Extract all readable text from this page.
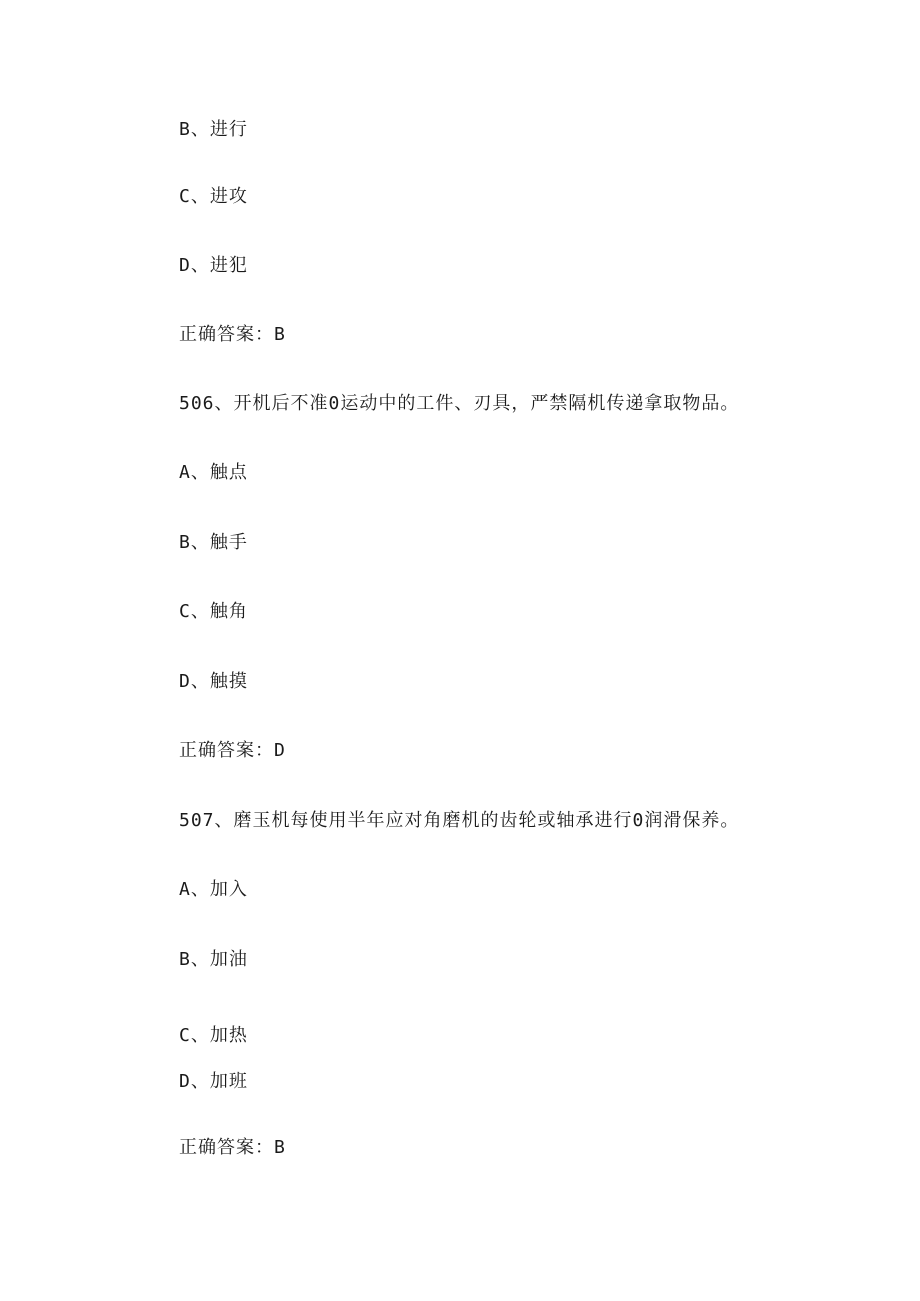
B、进行
C、进攻
D、进犯
正确答案：B
506、开机后不准0运动中的工件、刃具，严禁隔机传递拿取物品。
A、触点
B、触手
C、触角
D、触摸
正确答案：D
507、磨玉机每使用半年应对角磨机的齿轮或轴承进行0润滑保养。
A、加入
B、加油
C、加热
D、加班
正确答案：B
